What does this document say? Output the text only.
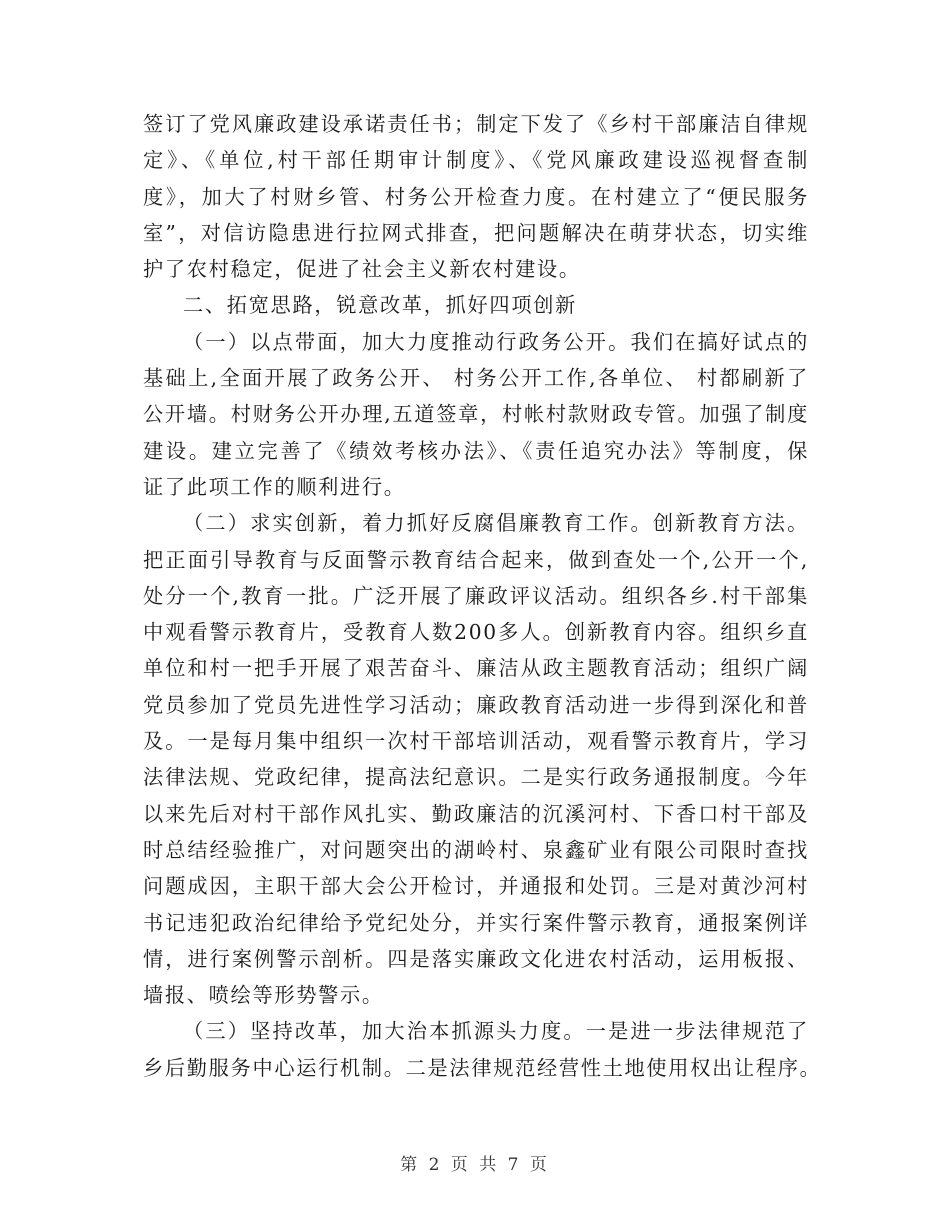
签订了党风廉政建设承诺责任书；制定下发了《乡村干部廉洁自律规
定》、《单位,村干部任期审计制度》、《党风廉政建设巡视督查制
度》，加大了村财乡管、村务公开检查力度。在村建立了“便民服务
室”，对信访隐患进行拉网式排查，把问题解决在萌芽状态，切实维
护了农村稳定，促进了社会主义新农村建设。
二、拓宽思路，锐意改革，抓好四项创新
（一）以点带面，加大力度推动行政务公开。我们在搞好试点的
基础上,全面开展了政务公开、 村务公开工作,各单位、 村都刷新了
公开墙。村财务公开办理,五道签章，村帐村款财政专管。加强了制度
建设。建立完善了《绩效考核办法》、《责任追究办法》等制度，保
证了此项工作的顺利进行。
（二）求实创新，着力抓好反腐倡廉教育工作。创新教育方法。
把正面引导教育与反面警示教育结合起来，做到查处一个,公开一个,
处分一个,教育一批。广泛开展了廉政评议活动。组织各乡.村干部集
中观看警示教育片，受教育人数200多人。创新教育内容。组织乡直
单位和村一把手开展了艰苦奋斗、廉洁从政主题教育活动；组织广阔
党员参加了党员先进性学习活动；廉政教育活动进一步得到深化和普
及。一是每月集中组织一次村干部培训活动，观看警示教育片，学习
法律法规、党政纪律，提高法纪意识。二是实行政务通报制度。今年
以来先后对村干部作风扎实、勤政廉洁的沉溪河村、下香口村干部及
时总结经验推广，对问题突出的湖岭村、泉鑫矿业有限公司限时查找
问题成因，主职干部大会公开检讨，并通报和处罚。三是对黄沙河村
书记违犯政治纪律给予党纪处分，并实行案件警示教育，通报案例详
情，进行案例警示剖析。四是落实廉政文化进农村活动，运用板报、
墙报、喷绘等形势警示。
（三）坚持改革，加大治本抓源头力度。一是进一步法律规范了
乡后勤服务中心运行机制。二是法律规范经营性土地使用权出让程序。
第 2 页 共 7 页
